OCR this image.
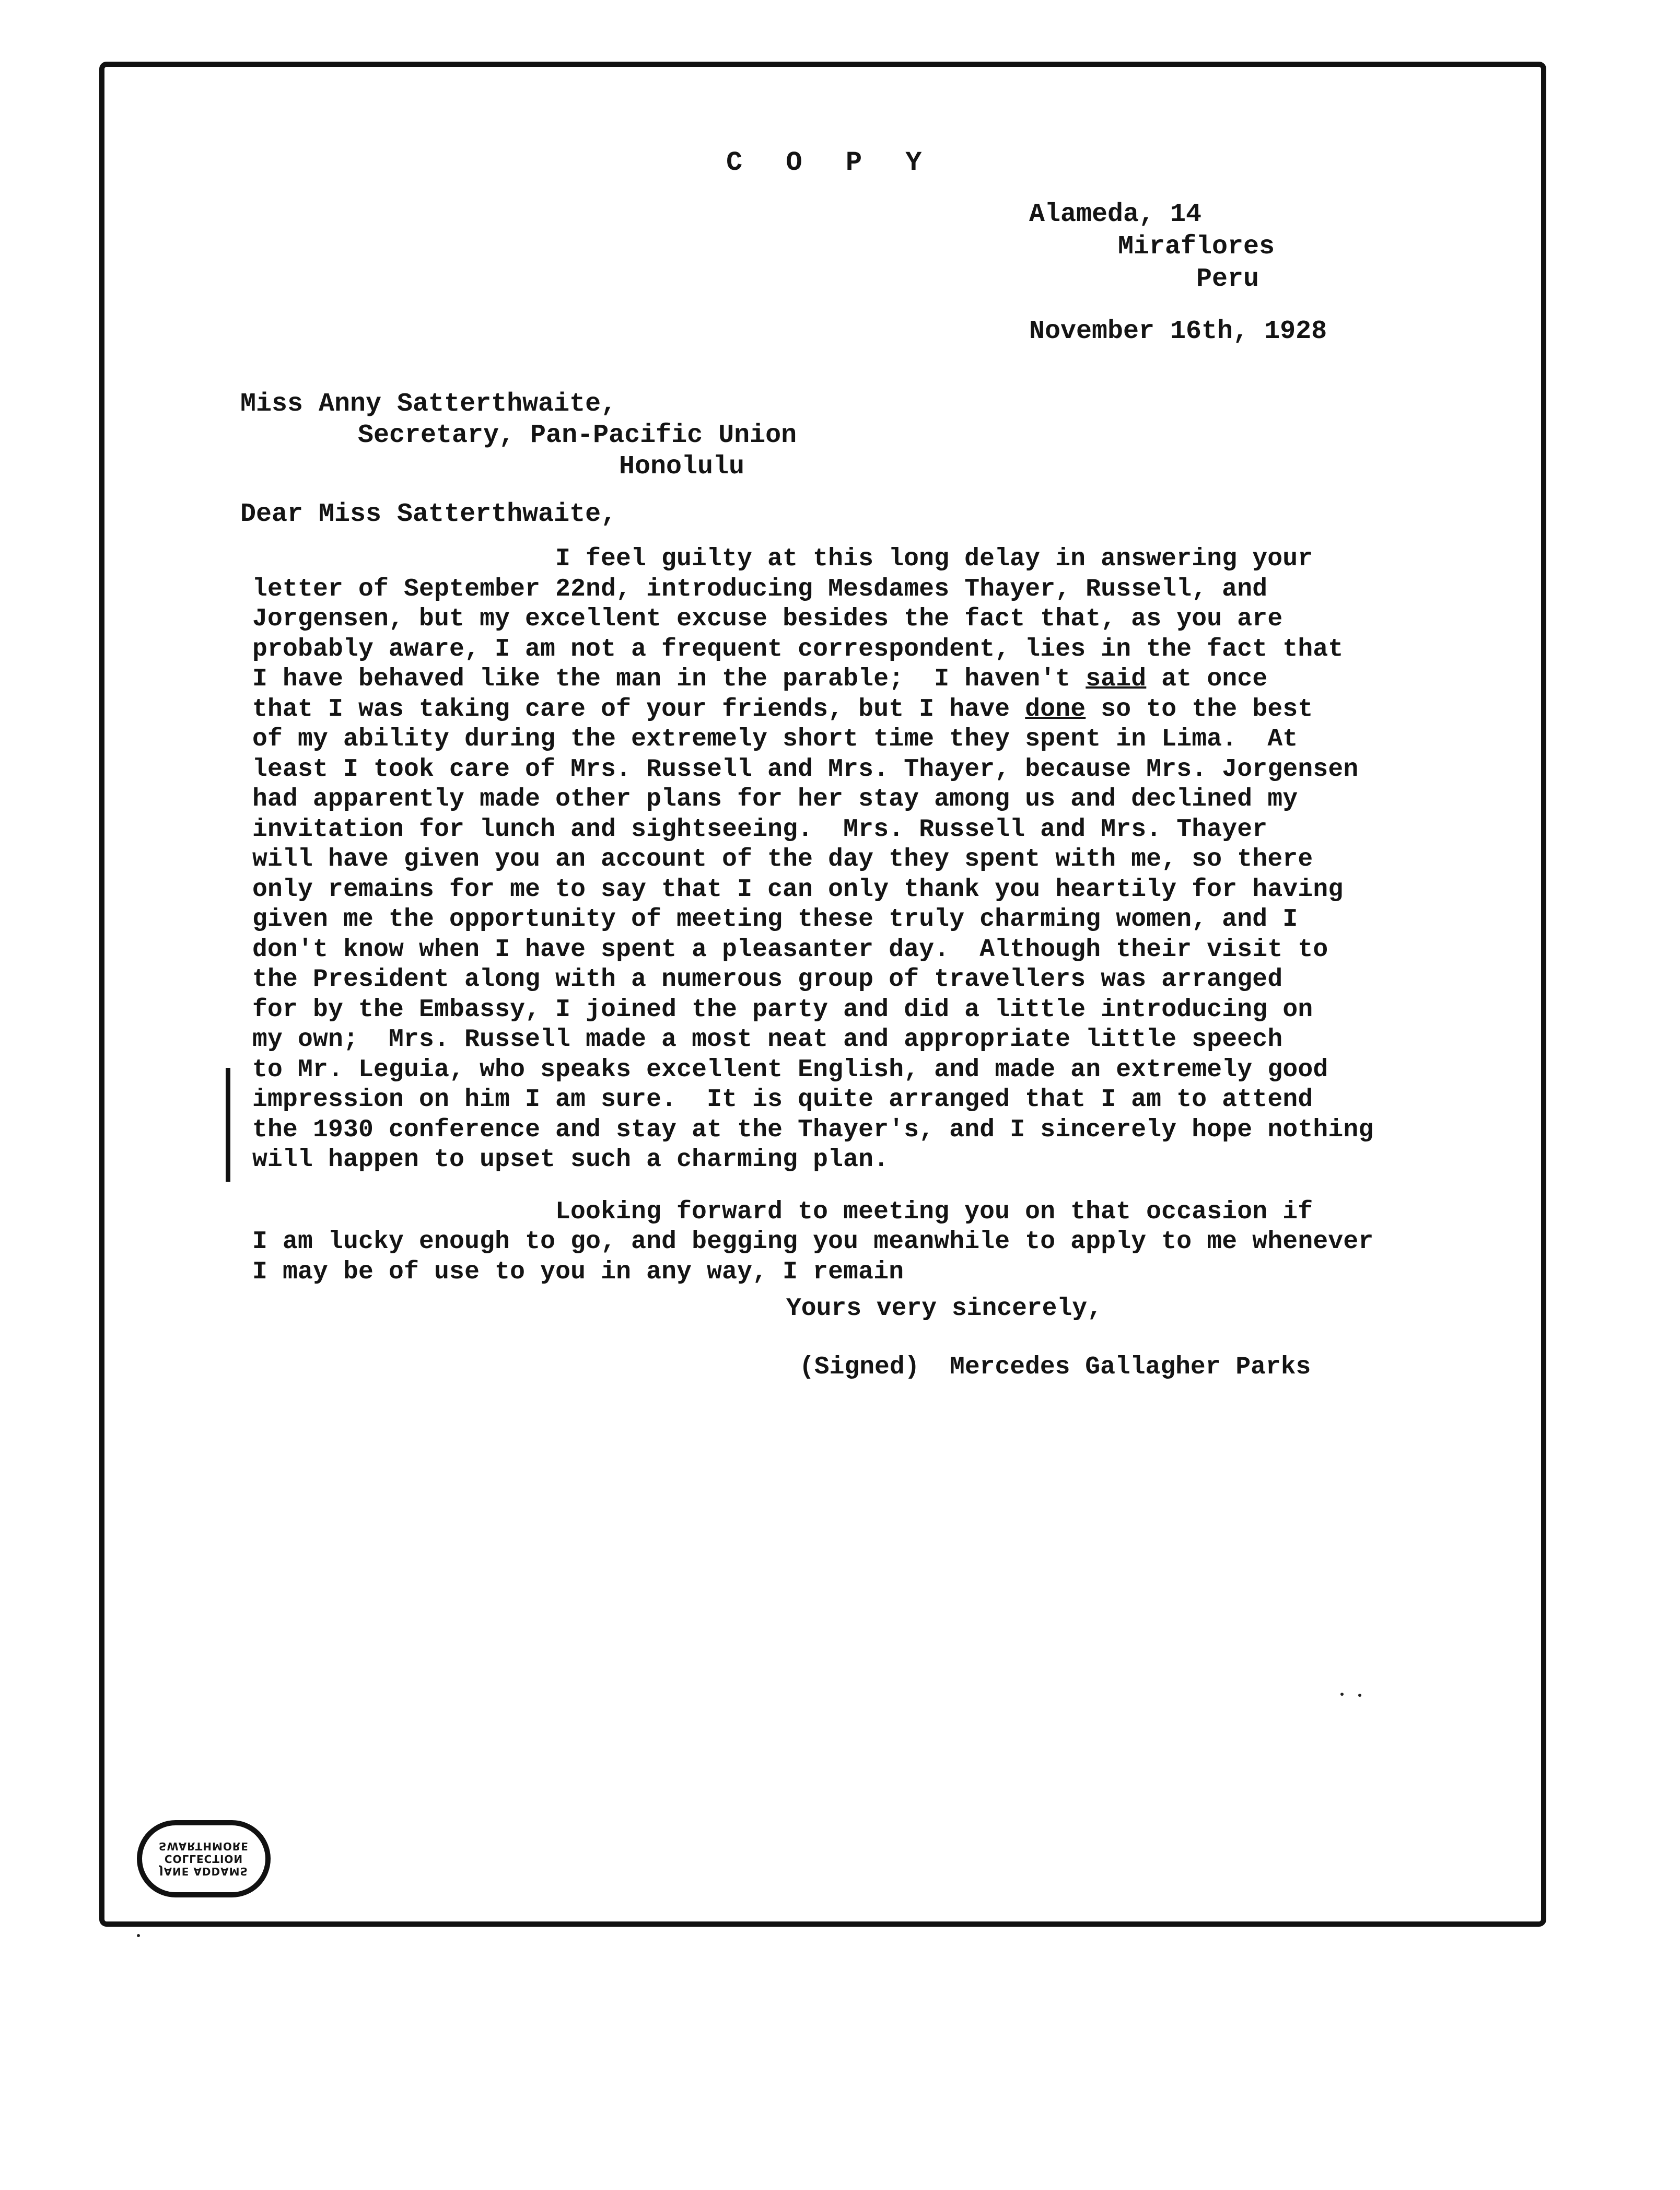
C O P Y
Alameda, 14
Miraflores
Peru
November 16th, 1928
Miss Anny Satterthwaite,
Secretary, Pan-Pacific Union
Honolulu
Dear Miss Satterthwaite,
I feel guilty at this long delay in answering your
letter of September 22nd, introducing Mesdames Thayer, Russell, and
Jorgensen, but my excellent excuse besides the fact that, as you are
probably aware, I am not a frequent correspondent, lies in the fact that
I have behaved like the man in the parable;  I haven't said at once
that I was taking care of your friends, but I have done so to the best
of my ability during the extremely short time they spent in Lima.  At
least I took care of Mrs. Russell and Mrs. Thayer, because Mrs. Jorgensen
had apparently made other plans for her stay among us and declined my
invitation for lunch and sightseeing.  Mrs. Russell and Mrs. Thayer
will have given you an account of the day they spent with me, so there
only remains for me to say that I can only thank you heartily for having
given me the opportunity of meeting these truly charming women, and I
don't know when I have spent a pleasanter day.  Although their visit to
the President along with a numerous group of travellers was arranged
for by the Embassy, I joined the party and did a little introducing on
my own;  Mrs. Russell made a most neat and appropriate little speech
to Mr. Leguia, who speaks excellent English, and made an extremely good
impression on him I am sure.  It is quite arranged that I am to attend
the 1930 conference and stay at the Thayer's, and I sincerely hope nothing
will happen to upset such a charming plan.
Looking forward to meeting you on that occasion if
I am lucky enough to go, and begging you meanwhile to apply to me whenever
I may be of use to you in any way, I remain
Yours very sincerely,
(Signed)  Mercedes Gallagher Parks
JANE ADDAMS
COLLECTION
SWARTHMORE
